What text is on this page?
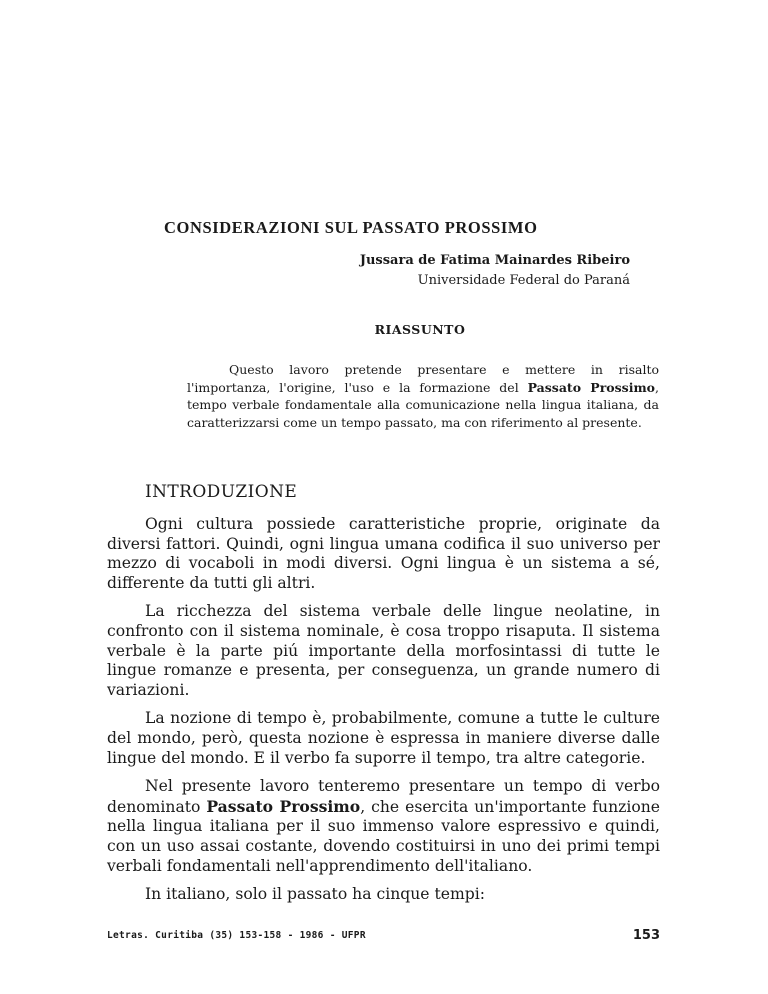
CONSIDERAZIONI SUL PASSATO PROSSIMO
Jussara de Fatima Mainardes Ribeiro
Universidade Federal do Paraná
RIASSUNTO
Questo lavoro pretende presentare e mettere in risalto l'importanza, l'origine, l'uso e la formazione del Passato Prossimo, tempo verbale fondamentale alla comunicazione nella lingua italiana, da caratterizzarsi come un tempo passato, ma con riferimento al presente.
INTRODUZIONE

Ogni cultura possiede caratteristiche proprie, originate da diversi fattori. Quindi, ogni lingua umana codifica il suo universo per mezzo di vocaboli in modi diversi. Ogni lingua è un sistema a sé, differente da tutti gli altri.

La ricchezza del sistema verbale delle lingue neolatine, in confronto con il sistema nominale, è cosa troppo risaputa. Il sistema verbale è la parte piú importante della morfosintassi di tutte le lingue romanze e presenta, per conseguenza, un grande numero di variazioni.

La nozione di tempo è, probabilmente, comune a tutte le culture del mondo, però, questa nozione è espressa in maniere diverse dalle lingue del mondo. E il verbo fa suporre il tempo, tra altre categorie.

Nel presente lavoro tenteremo presentare un tempo di verbo denominato Passato Prossimo, che esercita un'importante funzione nella lingua italiana per il suo immenso valore espressivo e quindi, con un uso assai costante, dovendo costituirsi in uno dei primi tempi verbali fondamentali nell'apprendimento dell'italiano.

In italiano, solo il passato ha cinque tempi:

Letras. Curitiba (35) 153-158 - 1986 - UFPR	153
